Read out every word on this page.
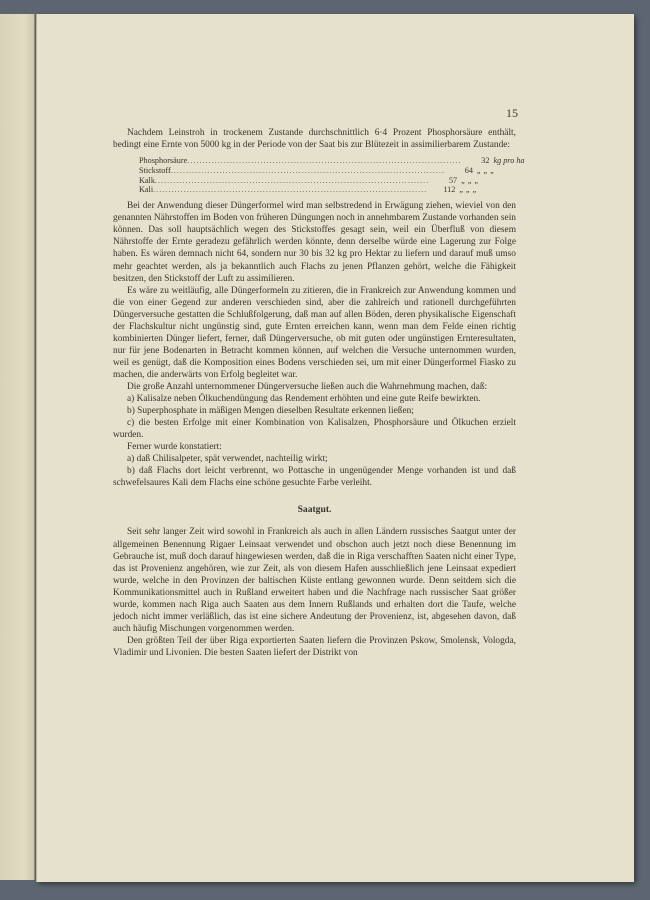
15

Nachdem Leinstroh in trockenem Zustande durchschnittlich 6·4 Prozent Phosphorsäure enthält, bedingt eine Ernte von 5000 kg in der Periode von der Saat bis zur Blütezeit in assimilierbarem Zustande:

Phosphorsäure ..........................................................................................	32 kg pro ha
Stickstoff ..........................................................................................	64 „ „ „
Kalk ..........................................................................................	57 „ „ „
Kali ..........................................................................................	112 „ „ „

Bei der Anwendung dieser Düngerformel wird man selbstredend in Erwägung ziehen, wieviel von den genannten Nährstoffen im Boden von früheren Düngungen noch in annehmbarem Zustande vorhanden sein können. Das soll hauptsächlich wegen des Stickstoffes gesagt sein, weil ein Überfluß von diesem Nährstoffe der Ernte geradezu gefährlich werden könnte, denn derselbe würde eine Lagerung zur Folge haben. Es wären demnach nicht 64, sondern nur 30 bis 32 kg pro Hektar zu liefern und darauf muß umso mehr geachtet werden, als ja bekanntlich auch Flachs zu jenen Pflanzen gehört, welche die Fähigkeit besitzen, den Stickstoff der Luft zu assimilieren.

Es wäre zu weitläufig, alle Düngerformeln zu zitieren, die in Frankreich zur Anwendung kommen und die von einer Gegend zur anderen verschieden sind, aber die zahlreich und rationell durchgeführten Düngerversuche gestatten die Schlußfolgerung, daß man auf allen Böden, deren physikalische Eigenschaft der Flachskultur nicht ungünstig sind, gute Ernten erreichen kann, wenn man dem Felde einen richtig kombinierten Dünger liefert, ferner, daß Düngerversuche, ob mit guten oder ungünstigen Ernteresultaten, nur für jene Bodenarten in Betracht kommen können, auf welchen die Versuche unternommen wurden, weil es genügt, daß die Komposition eines Bodens verschieden sei, um mit einer Düngerformel Fiasko zu machen, die anderwärts von Erfolg begleitet war.

Die große Anzahl unternommener Düngerversuche ließen auch die Wahrnehmung machen, daß:

a) Kalisalze neben Ölkuchendüngung das Rendement erhöhten und eine gute Reife bewirkten.

b) Superphosphate in mäßigen Mengen dieselben Resultate erkennen ließen;

c) die besten Erfolge mit einer Kombination von Kalisalzen, Phosphorsäure und Ölkuchen erzielt wurden.

Ferner wurde konstatiert:

a) daß Chilisalpeter, spät verwendet, nachteilig wirkt;

b) daß Flachs dort leicht verbrennt, wo Pottasche in ungenügender Menge vorhanden ist und daß schwefelsaures Kali dem Flachs eine schöne gesuchte Farbe verleiht.

Saatgut.

Seit sehr langer Zeit wird sowohl in Frankreich als auch in allen Ländern russisches Saatgut unter der allgemeinen Benennung Rigaer Leinsaat verwendet und obschon auch jetzt noch diese Benennung im Gebrauche ist, muß doch darauf hingewiesen werden, daß die in Riga verschafften Saaten nicht einer Type, das ist Provenienz angehören, wie zur Zeit, als von diesem Hafen ausschließlich jene Leinsaat expediert wurde, welche in den Provinzen der baltischen Küste entlang gewonnen wurde. Denn seitdem sich die Kommunikationsmittel auch in Rußland erweitert haben und die Nachfrage nach russischer Saat größer wurde, kommen nach Riga auch Saaten aus dem Innern Rußlands und erhalten dort die Taufe, welche jedoch nicht immer verläßlich, das ist eine sichere Andeutung der Provenienz, ist, abgesehen davon, daß auch häufig Mischungen vorgenommen werden.

Den größten Teil der über Riga exportierten Saaten liefern die Provinzen Pskow, Smolensk, Vologda, Vladimir und Livonien. Die besten Saaten liefert der Distrikt von
